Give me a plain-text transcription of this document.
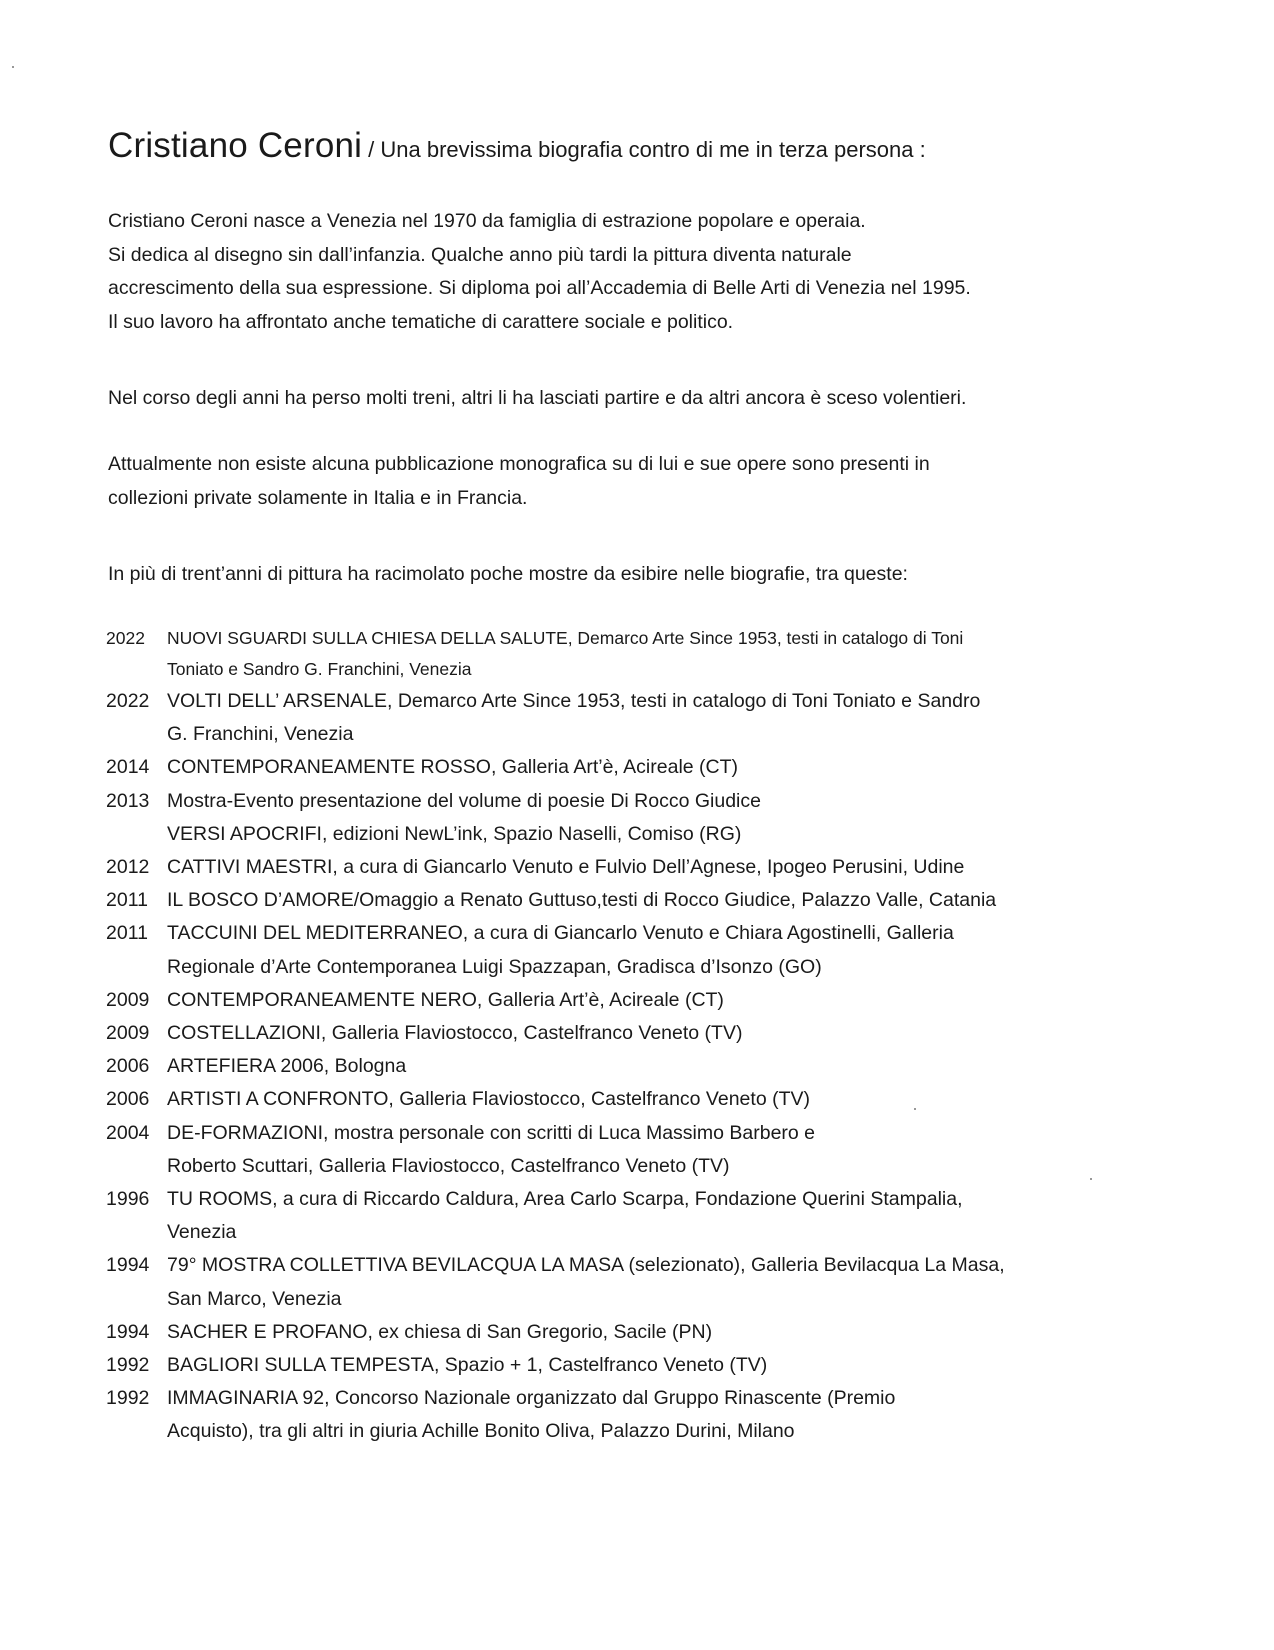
Cristiano Ceroni / Una brevissima biografia contro di me in terza persona :

Cristiano Ceroni nasce a Venezia nel 1970 da famiglia di estrazione popolare e operaia.
Si dedica al disegno sin dall’infanzia. Qualche anno più tardi la pittura diventa naturale
accrescimento della sua espressione. Si diploma poi all’Accademia di Belle Arti di Venezia nel 1995.
Il suo lavoro ha affrontato anche tematiche di carattere sociale e politico.

Nel corso degli anni ha perso molti treni, altri li ha lasciati partire e da altri ancora è sceso volentieri.

Attualmente non esiste alcuna pubblicazione monografica su di lui e sue opere sono presenti in
collezioni private solamente in Italia e in Francia.

In più di trent’anni di pittura ha racimolato poche mostre da esibire nelle biografie, tra queste:

2022	NUOVI SGUARDI SULLA CHIESA DELLA SALUTE, Demarco Arte Since 1953, testi in catalogo di Toni
Toniato e Sandro G. Franchini, Venezia
2022 VOLTI DELL’ ARSENALE, Demarco Arte Since 1953, testi in catalogo di Toni Toniato e Sandro
G. Franchini, Venezia
2014 CONTEMPORANEAMENTE ROSSO, Galleria Art’è, Acireale (CT)
2013 Mostra-Evento presentazione del volume di poesie Di Rocco Giudice
VERSI APOCRIFI, edizioni NewL’ink, Spazio Naselli, Comiso (RG)
2012 CATTIVI MAESTRI, a cura di Giancarlo Venuto e Fulvio Dell’Agnese, Ipogeo Perusini, Udine
2011 IL BOSCO D’AMORE/Omaggio a Renato Guttuso,testi di Rocco Giudice, Palazzo Valle, Catania
2011 TACCUINI DEL MEDITERRANEO, a cura di Giancarlo Venuto e Chiara Agostinelli, Galleria
Regionale d’Arte Contemporanea Luigi Spazzapan, Gradisca d’Isonzo (GO)
2009 CONTEMPORANEAMENTE NERO, Galleria Art’è, Acireale (CT)
2009 COSTELLAZIONI, Galleria Flaviostocco, Castelfranco Veneto (TV)
2006 ARTEFIERA 2006, Bologna
2006 ARTISTI A CONFRONTO, Galleria Flaviostocco, Castelfranco Veneto (TV)
2004 DE-FORMAZIONI, mostra personale con scritti di Luca Massimo Barbero e
Roberto Scuttari, Galleria Flaviostocco, Castelfranco Veneto (TV)
1996 TU ROOMS, a cura di Riccardo Caldura, Area Carlo Scarpa, Fondazione Querini Stampalia,
Venezia
1994 79° MOSTRA COLLETTIVA BEVILACQUA LA MASA (selezionato), Galleria Bevilacqua La Masa,
San Marco, Venezia
1994 SACHER E PROFANO, ex chiesa di San Gregorio, Sacile (PN)
1992 BAGLIORI SULLA TEMPESTA, Spazio + 1, Castelfranco Veneto (TV)
1992 IMMAGINARIA 92, Concorso Nazionale organizzato dal Gruppo Rinascente (Premio
Acquisto), tra gli altri in giuria Achille Bonito Oliva, Palazzo Durini, Milano
